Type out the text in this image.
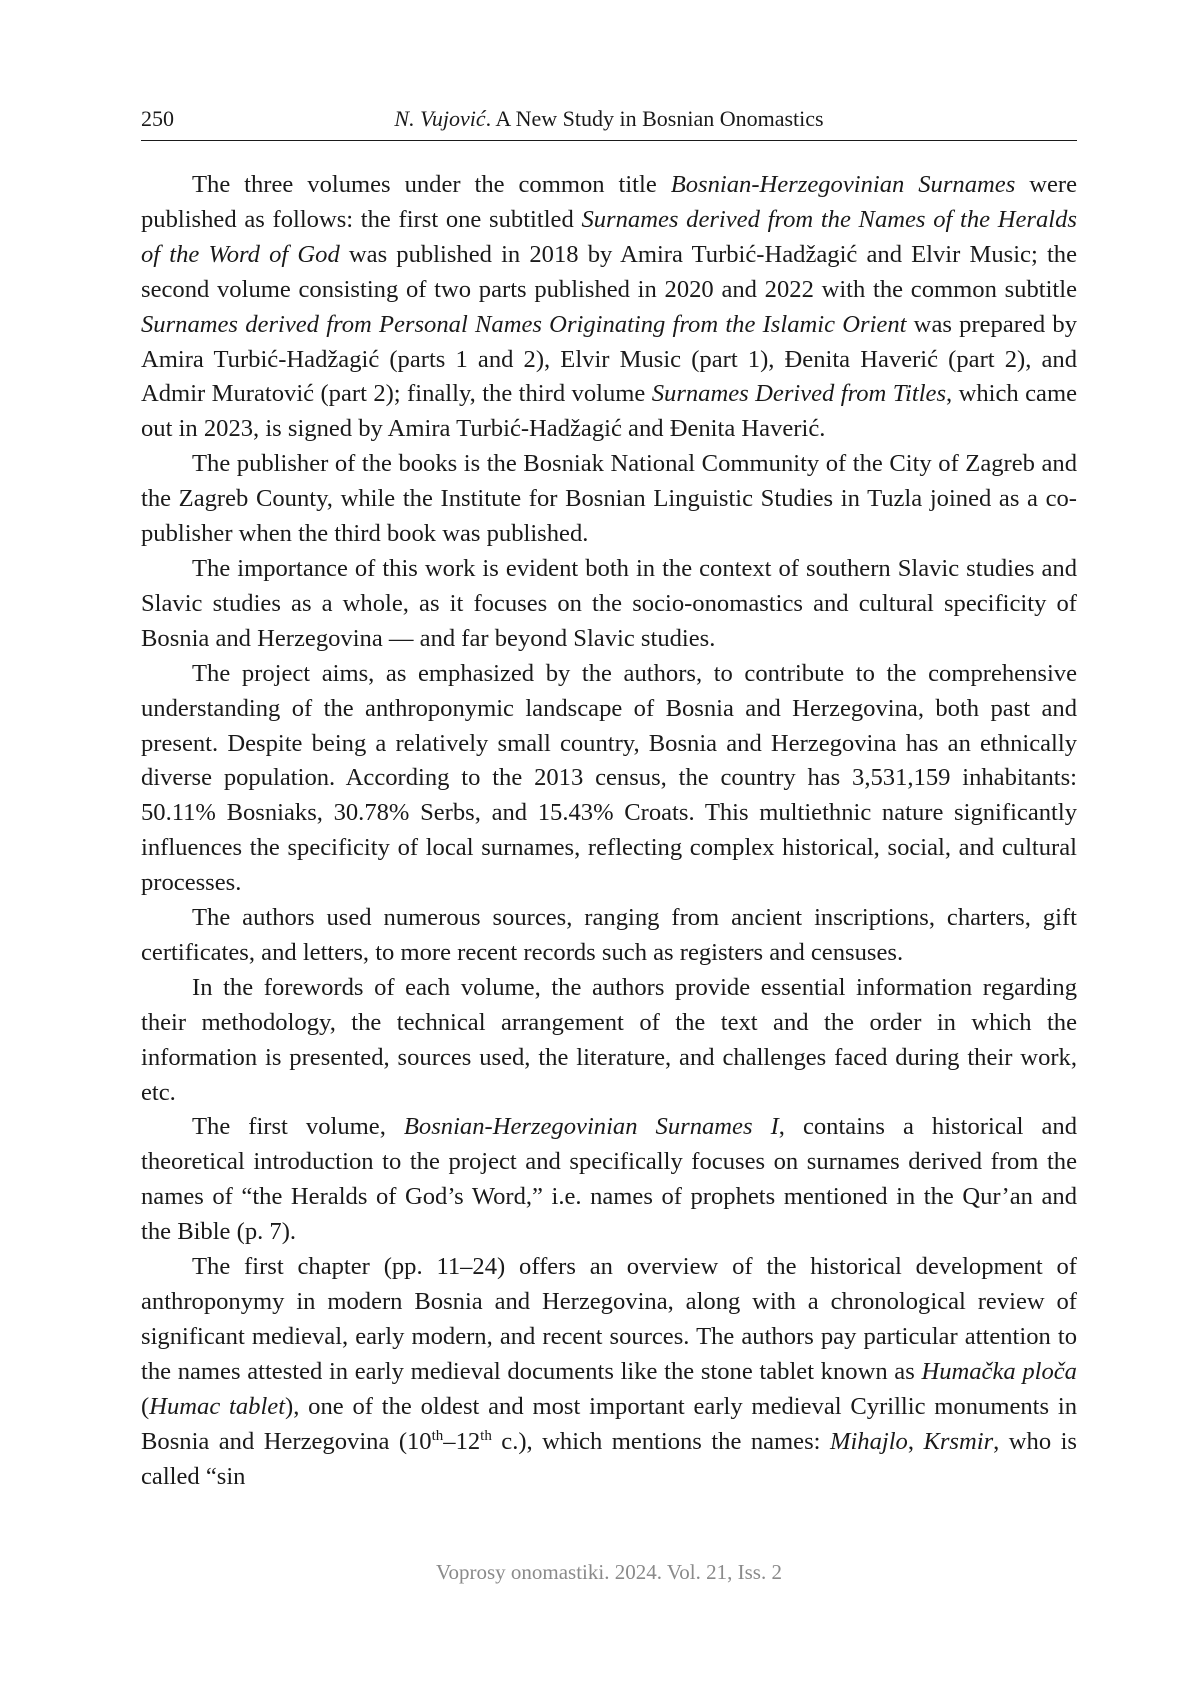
250	N. Vujović. A New Study in Bosnian Onomastics

The three volumes under the common title Bosnian-Herzegovinian Surnames were published as follows: the first one subtitled Surnames derived from the Names of the Heralds of the Word of God was published in 2018 by Amira Turbić-Hadžagić and Elvir Music; the second volume consisting of two parts published in 2020 and 2022 with the common subtitle Surnames derived from Personal Names Originating from the Islamic Orient was prepared by Amira Turbić-Hadžagić (parts 1 and 2), Elvir Music (part 1), Đenita Haverić (part 2), and Admir Muratović (part 2); finally, the third volume Surnames Derived from Titles, which came out in 2023, is signed by Amira Turbić-Hadžagić and Đenita Haverić.

The publisher of the books is the Bosniak National Community of the City of Zagreb and the Zagreb County, while the Institute for Bosnian Linguistic Studies in Tuzla joined as a co-publisher when the third book was published.

The importance of this work is evident both in the context of southern Slavic studies and Slavic studies as a whole, as it focuses on the socio-onomastics and cultural specificity of Bosnia and Herzegovina — and far beyond Slavic studies.

The project aims, as emphasized by the authors, to contribute to the comprehensive understanding of the anthroponymic landscape of Bosnia and Herzegovina, both past and present. Despite being a relatively small country, Bosnia and Herzegovina has an ethnically diverse population. According to the 2013 census, the country has 3,531,159 inhabitants: 50.11% Bosniaks, 30.78% Serbs, and 15.43% Croats. This multiethnic nature significantly influences the specificity of local surnames, reflecting complex historical, social, and cultural processes.

The authors used numerous sources, ranging from ancient inscriptions, charters, gift certificates, and letters, to more recent records such as registers and censuses.

In the forewords of each volume, the authors provide essential information regarding their methodology, the technical arrangement of the text and the order in which the information is presented, sources used, the literature, and challenges faced during their work, etc.

The first volume, Bosnian-Herzegovinian Surnames I, contains a historical and theoretical introduction to the project and specifically focuses on surnames derived from the names of “the Heralds of God’s Word,” i.e. names of prophets mentioned in the Qur’an and the Bible (p. 7).

The first chapter (pp. 11–24) offers an overview of the historical development of anthroponymy in modern Bosnia and Herzegovina, along with a chronological review of significant medieval, early modern, and recent sources. The authors pay particular attention to the names attested in early medieval documents like the stone tablet known as Humačka ploča (Humac tablet), one of the oldest and most important early medieval Cyrillic monuments in Bosnia and Herzegovina (10th–12th c.), which mentions the names: Mihajlo, Krsmir, who is called “sin

Voprosy onomastiki. 2024. Vol. 21, Iss. 2
